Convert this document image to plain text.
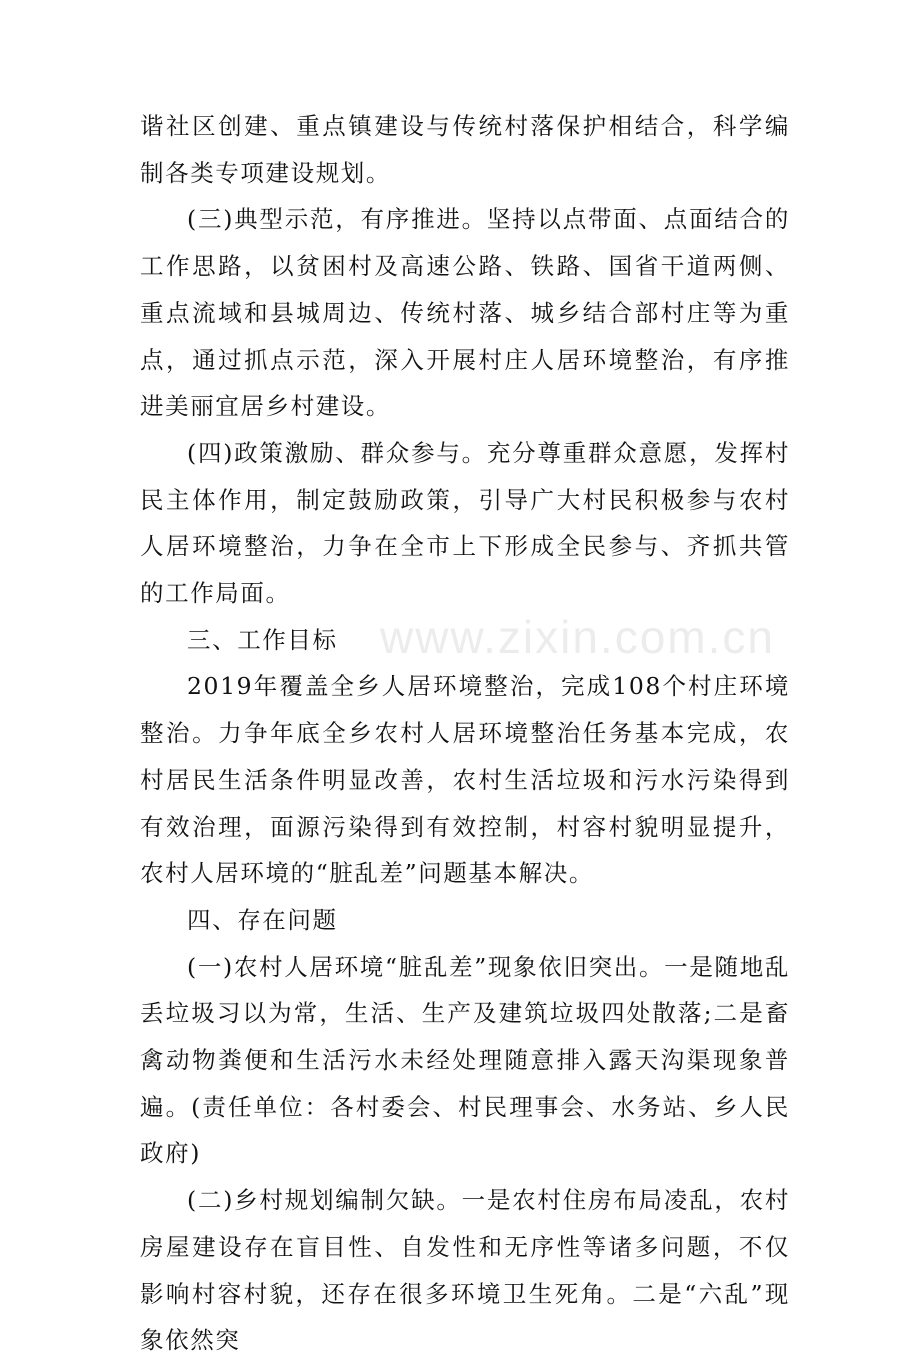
谐社区创建、重点镇建设与传统村落保护相结合，科学编制各类专项建设规划。

(三)典型示范，有序推进。坚持以点带面、点面结合的工作思路，以贫困村及高速公路、铁路、国省干道两侧、重点流域和县城周边、传统村落、城乡结合部村庄等为重点，通过抓点示范，深入开展村庄人居环境整治，有序推进美丽宜居乡村建设。

(四)政策激励、群众参与。充分尊重群众意愿，发挥村民主体作用，制定鼓励政策，引导广大村民积极参与农村人居环境整治，力争在全市上下形成全民参与、齐抓共管的工作局面。

三、工作目标

2019年覆盖全乡人居环境整治，完成108个村庄环境整治。力争年底全乡农村人居环境整治任务基本完成，农村居民生活条件明显改善，农村生活垃圾和污水污染得到有效治理，面源污染得到有效控制，村容村貌明显提升，农村人居环境的“脏乱差”问题基本解决。

四、存在问题

(一)农村人居环境“脏乱差”现象依旧突出。一是随地乱丢垃圾习以为常，生活、生产及建筑垃圾四处散落;二是畜禽动物粪便和生活污水未经处理随意排入露天沟渠现象普遍。(责任单位：各村委会、村民理事会、水务站、乡人民政府)

(二)乡村规划编制欠缺。一是农村住房布局凌乱，农村房屋建设存在盲目性、自发性和无序性等诸多问题，不仅影响村容村貌，还存在很多环境卫生死角。二是“六乱”现象依然突

www.zixin.com.cn
